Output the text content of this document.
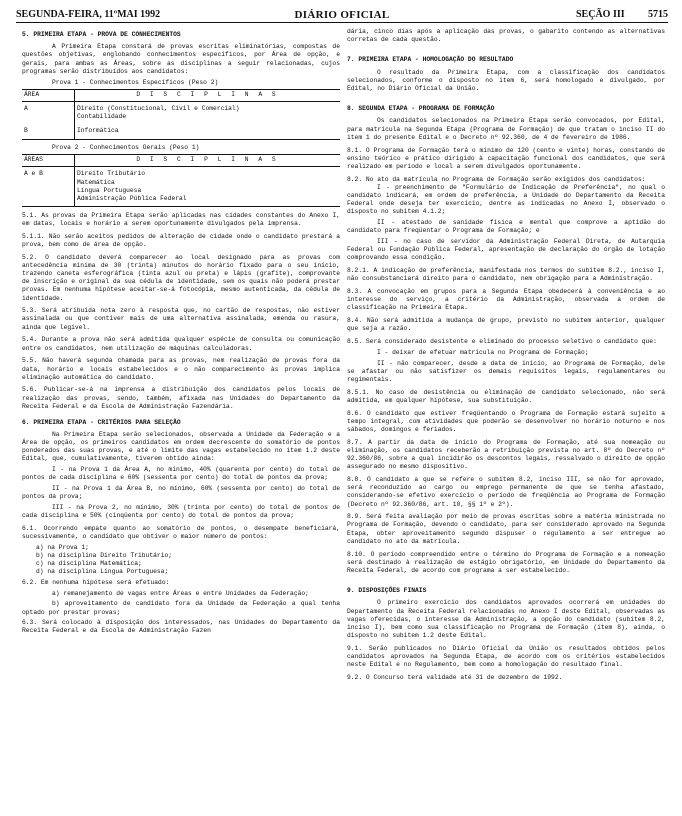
SEGUNDA-FEIRA, 11ºMAI 1992	DIÁRIO OFICIAL	SEÇÃO III 5715

5. PRIMEIRA ETAPA - PROVA DE CONHECIMENTOS

A Primeira Etapa constará de provas escritas eliminatórias, compostas de questões objetivas, englobando conhecimentos específicos, por Área de opção, e gerais, para ambas as Áreas, sobre as disciplinas a seguir relacionadas, cujos programas serão distribuídos aos candidatos:

Prova 1 - Conhecimentos Específicos (Peso 2)

ÁREA	D I S C I P L I N A S
A	Direito (Constitucional, Civil e Comercial)
Contabilidade

B	Informática

Prova 2 - Conhecimentos Gerais (Peso 1)

ÁREAS	D I S C I P L I N A S
A e B	Direito Tributário
Matemática
Língua Portuguesa
Administração Pública Federal

5.1. As provas da Primeira Etapa serão aplicadas nas cidades constantes do Anexo I, em datas, locais e horário a serem oportunamente divulgados pela imprensa.

5.1.1. Não serão aceitos pedidos de alteração de cidade onde o candidato prestará a prova, bem como de área de opção.

5.2. O candidato deverá comparecer ao local designado para as provas com antecedência mínima de 30 (trinta) minutos do horário fixado para o seu início, trazendo caneta esferográfica (tinta azul ou preta) e lápis (grafite), comprovante de inscrição e original da sua cédula de identidade, sem os quais não poderá prestar provas. Em nenhuma hipótese aceitar-se-á fotocópia, mesmo autenticada, da cédula de identidade.

5.3. Será atribuída nota zero à resposta que, no cartão de respostas, não estiver assinalada ou que contiver mais de uma alternativa assinalada, emenda ou rasura, ainda que legível.

5.4. Durante a prova não será admitida qualquer espécie de consulta ou comunicação entre os candidatos, nem utilização de máquinas calculadoras.

5.5. Não haverá segunda chamada para as provas, nem realização de provas fora da data, horário e locais estabelecidos e o não comparecimento às provas implica eliminação automática do candidato.

5.6. Publicar-se-á na imprensa a distribuição dos candidatos pelos locais de realização das provas, sendo, também, afixada nas Unidades do Departamento da Receita Federal e da Escola de Administração Fazendária.

6. PRIMEIRA ETAPA - CRITÉRIOS PARA SELEÇÃO

Na Primeira Etapa serão selecionados, observada a Unidade da Federação e a Área de opção, os primeiros candidatos em ordem decrescente do somatório de pontos ponderados das suas provas, e até o limite das vagas estabelecido no item 1.2 deste Edital, que, cumulativamente, tiverem obtido ainda:

I - na Prova 1 da Área A, no mínimo, 40% (quarenta por cento) do total de pontos de cada disciplina e 60% (sessenta por cento) do total de pontos da prova;

II - na Prova 1 da Área B, no mínimo, 60% (sessenta por cento) do total de pontos da prova;

III - na Prova 2, no mínimo, 30% (trinta por cento) do total de pontos de cada disciplina e 50% (cinqüenta por cento) do total de pontos da prova;

6.1. Ocorrendo empate quanto ao somatório de pontos, o desempate beneficiará, sucessivamente, o candidato que obtiver o maior número de pontos:

a) na Prova 1;

b) na disciplina Direito Tributário;

c) na disciplina Matemática;

d) na disciplina Língua Portuguesa;

6.2. Em nenhuma hipótese será efetuado:

a) remanejamento de vagas entre Áreas e entre Unidades da Federação;

b) aproveitamento de candidato fora da Unidade da Federação a qual tenha optado por prestar provas;

6.3. Será colocado à disposição dos interessados, nas Unidades do Departamento da Receita Federal e da Escola de Administração Fazen

dária, cinco dias após a aplicação das provas, o gabarito contendo as alternativas corretas de cada questão.

7. PRIMEIRA ETAPA - HOMOLOGAÇÃO DO RESULTADO

O resultado da Primeira Etapa, com a classificação dos candidatos selecionados, conforme o disposto no item 6, será homologado e divulgado, por Edital, no Diário Oficial da União.

8. SEGUNDA ETAPA - PROGRAMA DE FORMAÇÃO

Os candidatos selecionados na Primeira Etapa serão convocados, por Edital, para matrícula na Segunda Etapa (Programa de Formação) de que tratam o inciso II do item 1 do presente Edital e o Decreto nº 92.360, de 4 de fevereiro de 1986.

8.1. O Programa de Formação terá o mínimo de 120 (cento e vinte) horas, constando de ensino teórico e prático dirigido à capacitação funcional dos candidatos, que será realizado em período e local a serem divulgados oportunamente.

8.2. No ato da matrícula no Programa de Formação serão exigidos dos candidatos:

I - preenchimento de "Formulário de Indicação de Preferência", no qual o candidato indicará, em ordem de preferência, a Unidade do Departamento da Receita Federal onde deseja ter exercício, dentre as indicadas no Anexo I, observado o disposto no subitem 4.1.2;

II - atestado de sanidade física e mental que comprove a aptidão do candidato para freqüentar o Programa de Formação; e

III - no caso de servidor da Administração Federal Direta, de Autarquia Federal ou Fundação Pública Federal, apresentação de declaração do órgão de lotação comprovando essa condição.

8.2.1. A indicação de preferência, manifestada nos termos do subitem 8.2., inciso I, não consubstanciará direito para o candidato, nem obrigação para a Administração.

8.3. A convocação em grupos para a Segunda Etapa obedecerá à conveniência e ao interesse do serviço, a critério da Administração, observada a ordem de classificação na Primeira Etapa.

8.4. Não será admitida a mudança de grupo, previsto no subitem anterior, qualquer que seja a razão.

8.5. Será considerado desistente e eliminado do processo seletivo o candidato que:

I - deixar de efetuar matrícula no Programa de Formação;

II - não comparecer, desde a data de início, ao Programa de Formação, dele se afastar ou não satisfizer os demais requisitos legais, regulamentares ou regimentais.

8.5.1. No caso de desistência ou eliminação de candidato selecionado, não será admitida, em qualquer hipótese, sua substituição.

8.6. O candidato que estiver freqüentando o Programa de Formação estará sujeito a tempo integral, com atividades que poderão se desenvolver no horário noturno e nos sábados, domingos e feriados.

8.7. A partir da data de início do Programa de Formação, até sua nomeação ou eliminação, os candidatos receberão a retribuição prevista no art. 8º do Decreto nº 92.360/86, sobre a qual incidirão os descontos legais, ressalvado o direito de opção assegurado no mesmo dispositivo.

8.8. O candidato a que se refere o subitem 8.2, inciso III, se não for aprovado, será reconduzido ao cargo ou emprego permanente de que se tenha afastado, considerando-se efetivo exercício o período de freqüência ao Programa de Formação (Decreto nº 92.360/86, art. 10, §§ 1º e 2º).

8.9. Será feita avaliação por meio de provas escritas sobre a matéria ministrada no Programa de Formação, devendo o candidato, para ser considerado aprovado na Segunda Etapa, obter aproveitamento segundo dispuser o regulamento a ser entregue ao candidato no ato da matrícula.

8.10. O período compreendido entre o término do Programa de Formação e a nomeação será destinado à realização de estágio obrigatório, em Unidade do Departamento da Receita Federal, de acordo com programa a ser estabelecido.

9. DISPOSIÇÕES FINAIS

O primeiro exercício dos candidatos aprovados ocorrerá em unidades do Departamento da Receita Federal relacionadas no Anexo I deste Edital, observadas as vagas oferecidas, o interesse da Administração, a opção do candidato (subitem 8.2, inciso I), bem como sua classificação no Programa de Formação (item 8), ainda, o disposto no subitem 1.2 deste Edital.

9.1. Serão publicados no Diário Oficial da União os resultados obtidos pelos candidatos aprovados na Segunda Etapa, de acordo com os critérios estabelecidos neste Edital e no Regulamento, bem como a homologação do resultado final.

9.2. O Concurso terá validade até 31 de dezembro de 1992.
